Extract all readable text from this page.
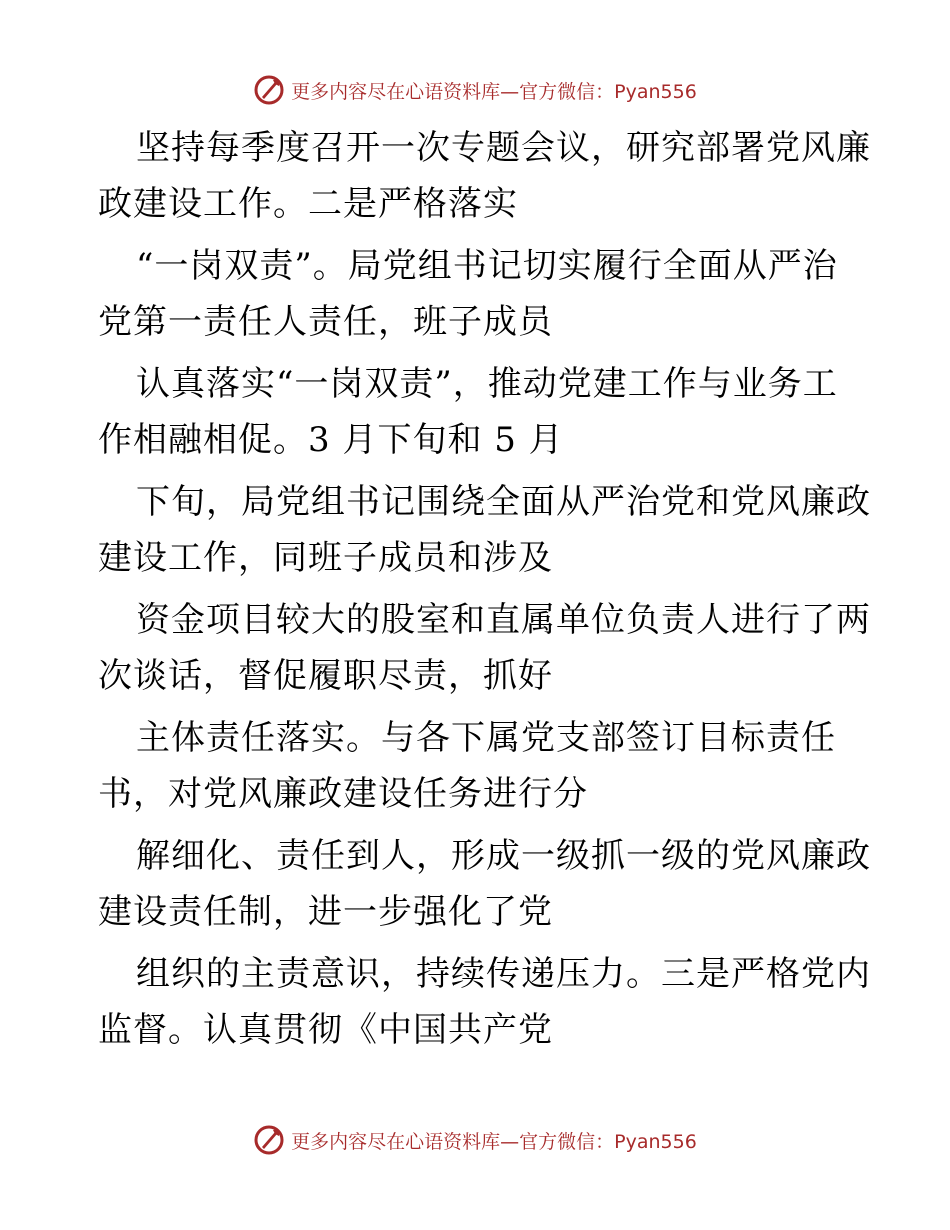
更多内容尽在心语资料库—官方微信：Pyan556
坚持每季度召开一次专题会议，研究部署党风廉
政建设工作。二是严格落实
“一岗双责”。局党组书记切实履行全面从严治
党第一责任人责任，班子成员
认真落实“一岗双责”，推动党建工作与业务工
作相融相促。3 月下旬和 5 月
下旬，局党组书记围绕全面从严治党和党风廉政
建设工作，同班子成员和涉及
资金项目较大的股室和直属单位负责人进行了两
次谈话，督促履职尽责，抓好
主体责任落实。与各下属党支部签订目标责任
书，对党风廉政建设任务进行分
解细化、责任到人，形成一级抓一级的党风廉政
建设责任制，进一步强化了党
组织的主责意识，持续传递压力。三是严格党内
监督。认真贯彻《中国共产党
更多内容尽在心语资料库—官方微信：Pyan556
